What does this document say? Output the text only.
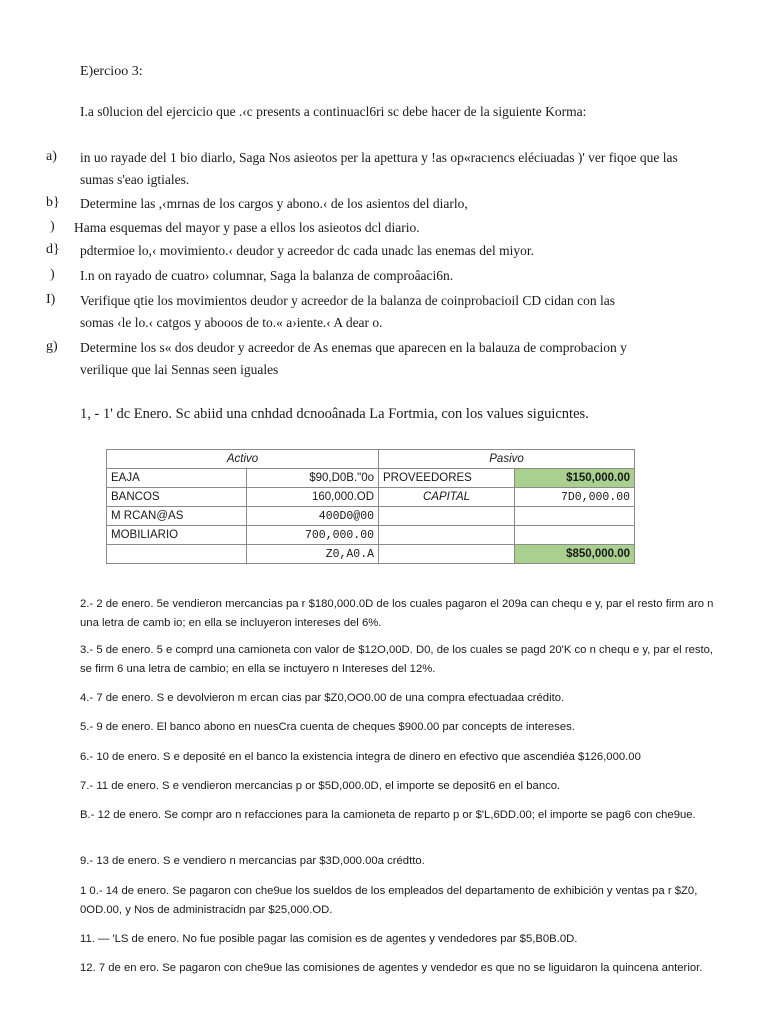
E)ercioo 3:
I.a s0lucion del ejercicio que .‹c presents a continuacl6ri sc debe hacer de la siguiente Korma:
a) in uo rayade del 1 bio diarlo, Saga Nos asieotos per la apettura y !as op«racıencs eléciuadas )' ver fiqoe que las
sumas s'eao igtiales.
b} Determine las ,‹mrnas de los cargos y abono.‹ de los asientos del diarlo,
) Hama esquemas del mayor y pase a ellos los asieotos dcl diario.
d} pdtermioe lo,‹ movimiento.‹ deudor y acreedor dc cada unadc las enemas del miyor.
) I.n on rayado de cuatro› columnar, Saga la balanza de comproâaci6n.
I) Verifique qtie los movimientos deudor y acreedor de la balanza de coinprobacioil CD cidan con las
somas ‹le lo.‹ catgos y abooos de to.« a›iente.‹ A dear o.
g) Determine los s« dos deudor y acreedor de As enemas que aparecen en la balauza de comprobacion y
verilique que lai Sennas seen iguales
1, - 1' dc Enero. Sc abiid una cnhdad dcnooânada La Fortmia, con los values siguicntes.
Activo		Pasivo	
EAJA	$90,D0B."0o	PROVEEDORES	$150,000.00
BANCOS	160,000.OD	CAPITAL	7D0,000.00
M RCAN@AS	400D0@00		
MOBILIARIO	700,000.00		
	Z0,A0.A		$850,000.00
2.- 2 de enero. 5e vendieron mercancias pa r $180,000.0D de los cuales pagaron el 209a can chequ e y, par el resto firm aro n una letra de camb io; en ella se incluyeron intereses del 6%.
3.- 5 de enero. 5 e comprd una camioneta con valor de $12O,00D. D0, de los cuales se pagd 20'K co n chequ e y, par el resto, se firm 6 una letra de cambio; en ella se inctuyero n Intereses del 12%.
4.- 7 de enero. S e devolvieron m ercan cias par $Z0,OO0.00 de una compra efectuadaa crédito.
5.- 9 de enero. El banco abono en nuesCra cuenta de cheques $900.00 par concepts de intereses.
6.- 10 de enero. S e deposité en el banco la existencia integra de dinero en efectivo que ascendiéa $126,000.00
7.- 11 de enero. S e vendieron mercancias p or $5D,000.0D, el importe se deposit6 en el banco.
B.- 12 de enero. Se compr aro n refacciones para la camioneta de reparto p or $'L,6DD.00; el importe se pag6 con che9ue.
9.- 13 de enero. S e vendiero n mercancias par $3D,000.00a crédtto.
1 0.- 14 de enero. Se pagaron con che9ue los sueldos de los empleados del departamento de exhibición y ventas pa r $Z0, 0OD.00, y Nos de administracidn par $25,000.OD.
11. — 'LS de enero. No fue posible pagar las comision es de agentes y vendedores par $5,B0B.0D.
12. 7 de en ero. Se pagaron con che9ue las comisiones de agentes y vendedor es que no se liguidaron la quincena anterior.
